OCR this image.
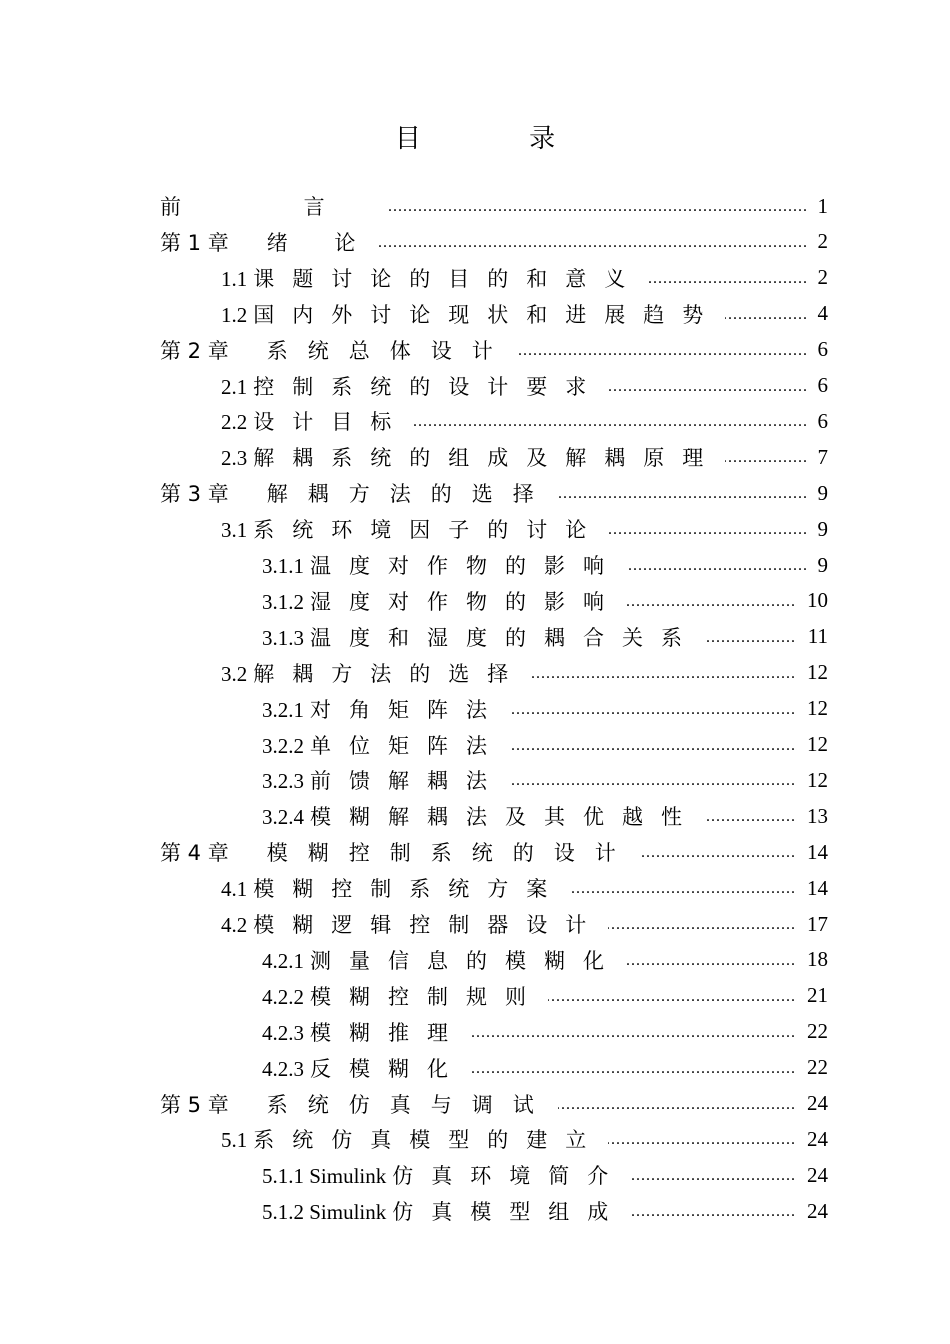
目 录
前 言 .....	1
第 1 章 绪 论 .....	2
1.1 课题讨论的目的和意义 .....	2
1.2 国内外讨论现状和进展趋势 .....	4
第 2 章 系统总体设计 .....	6
2.1 控制系统的设计要求 .....	6
2.2 设计目标 .....	6
2.3 解耦系统的组成及解耦原理 .....	7
第 3 章 解耦方法的选择 .....	9
3.1 系统环境因子的讨论 .....	9
3.1.1 温度对作物的影响 .....	9
3.1.2 湿度对作物的影响 .....	10
3.1.3 温度和湿度的耦合关系 .....	11
3.2 解耦方法的选择 .....	12
3.2.1 对角矩阵法 .....	12
3.2.2 单位矩阵法 .....	12
3.2.3 前馈解耦法 .....	12
3.2.4 模糊解耦法及其优越性 .....	13
第 4 章 模糊控制系统的设计 .....	14
4.1 模糊控制系统方案 .....	14
4.2 模糊逻辑控制器设计 .....	17
4.2.1 测量信息的模糊化 .....	18
4.2.2 模糊控制规则 .....	21
4.2.3 模糊推理 .....	22
4.2.3 反模糊化 .....	22
第 5 章 系统仿真与调试 .....	24
5.1 系统仿真模型的建立 .....	24
5.1.1 Simulink 仿真环境简介 .....	24
5.1.2 Simulink 仿真模型组成 .....	24
